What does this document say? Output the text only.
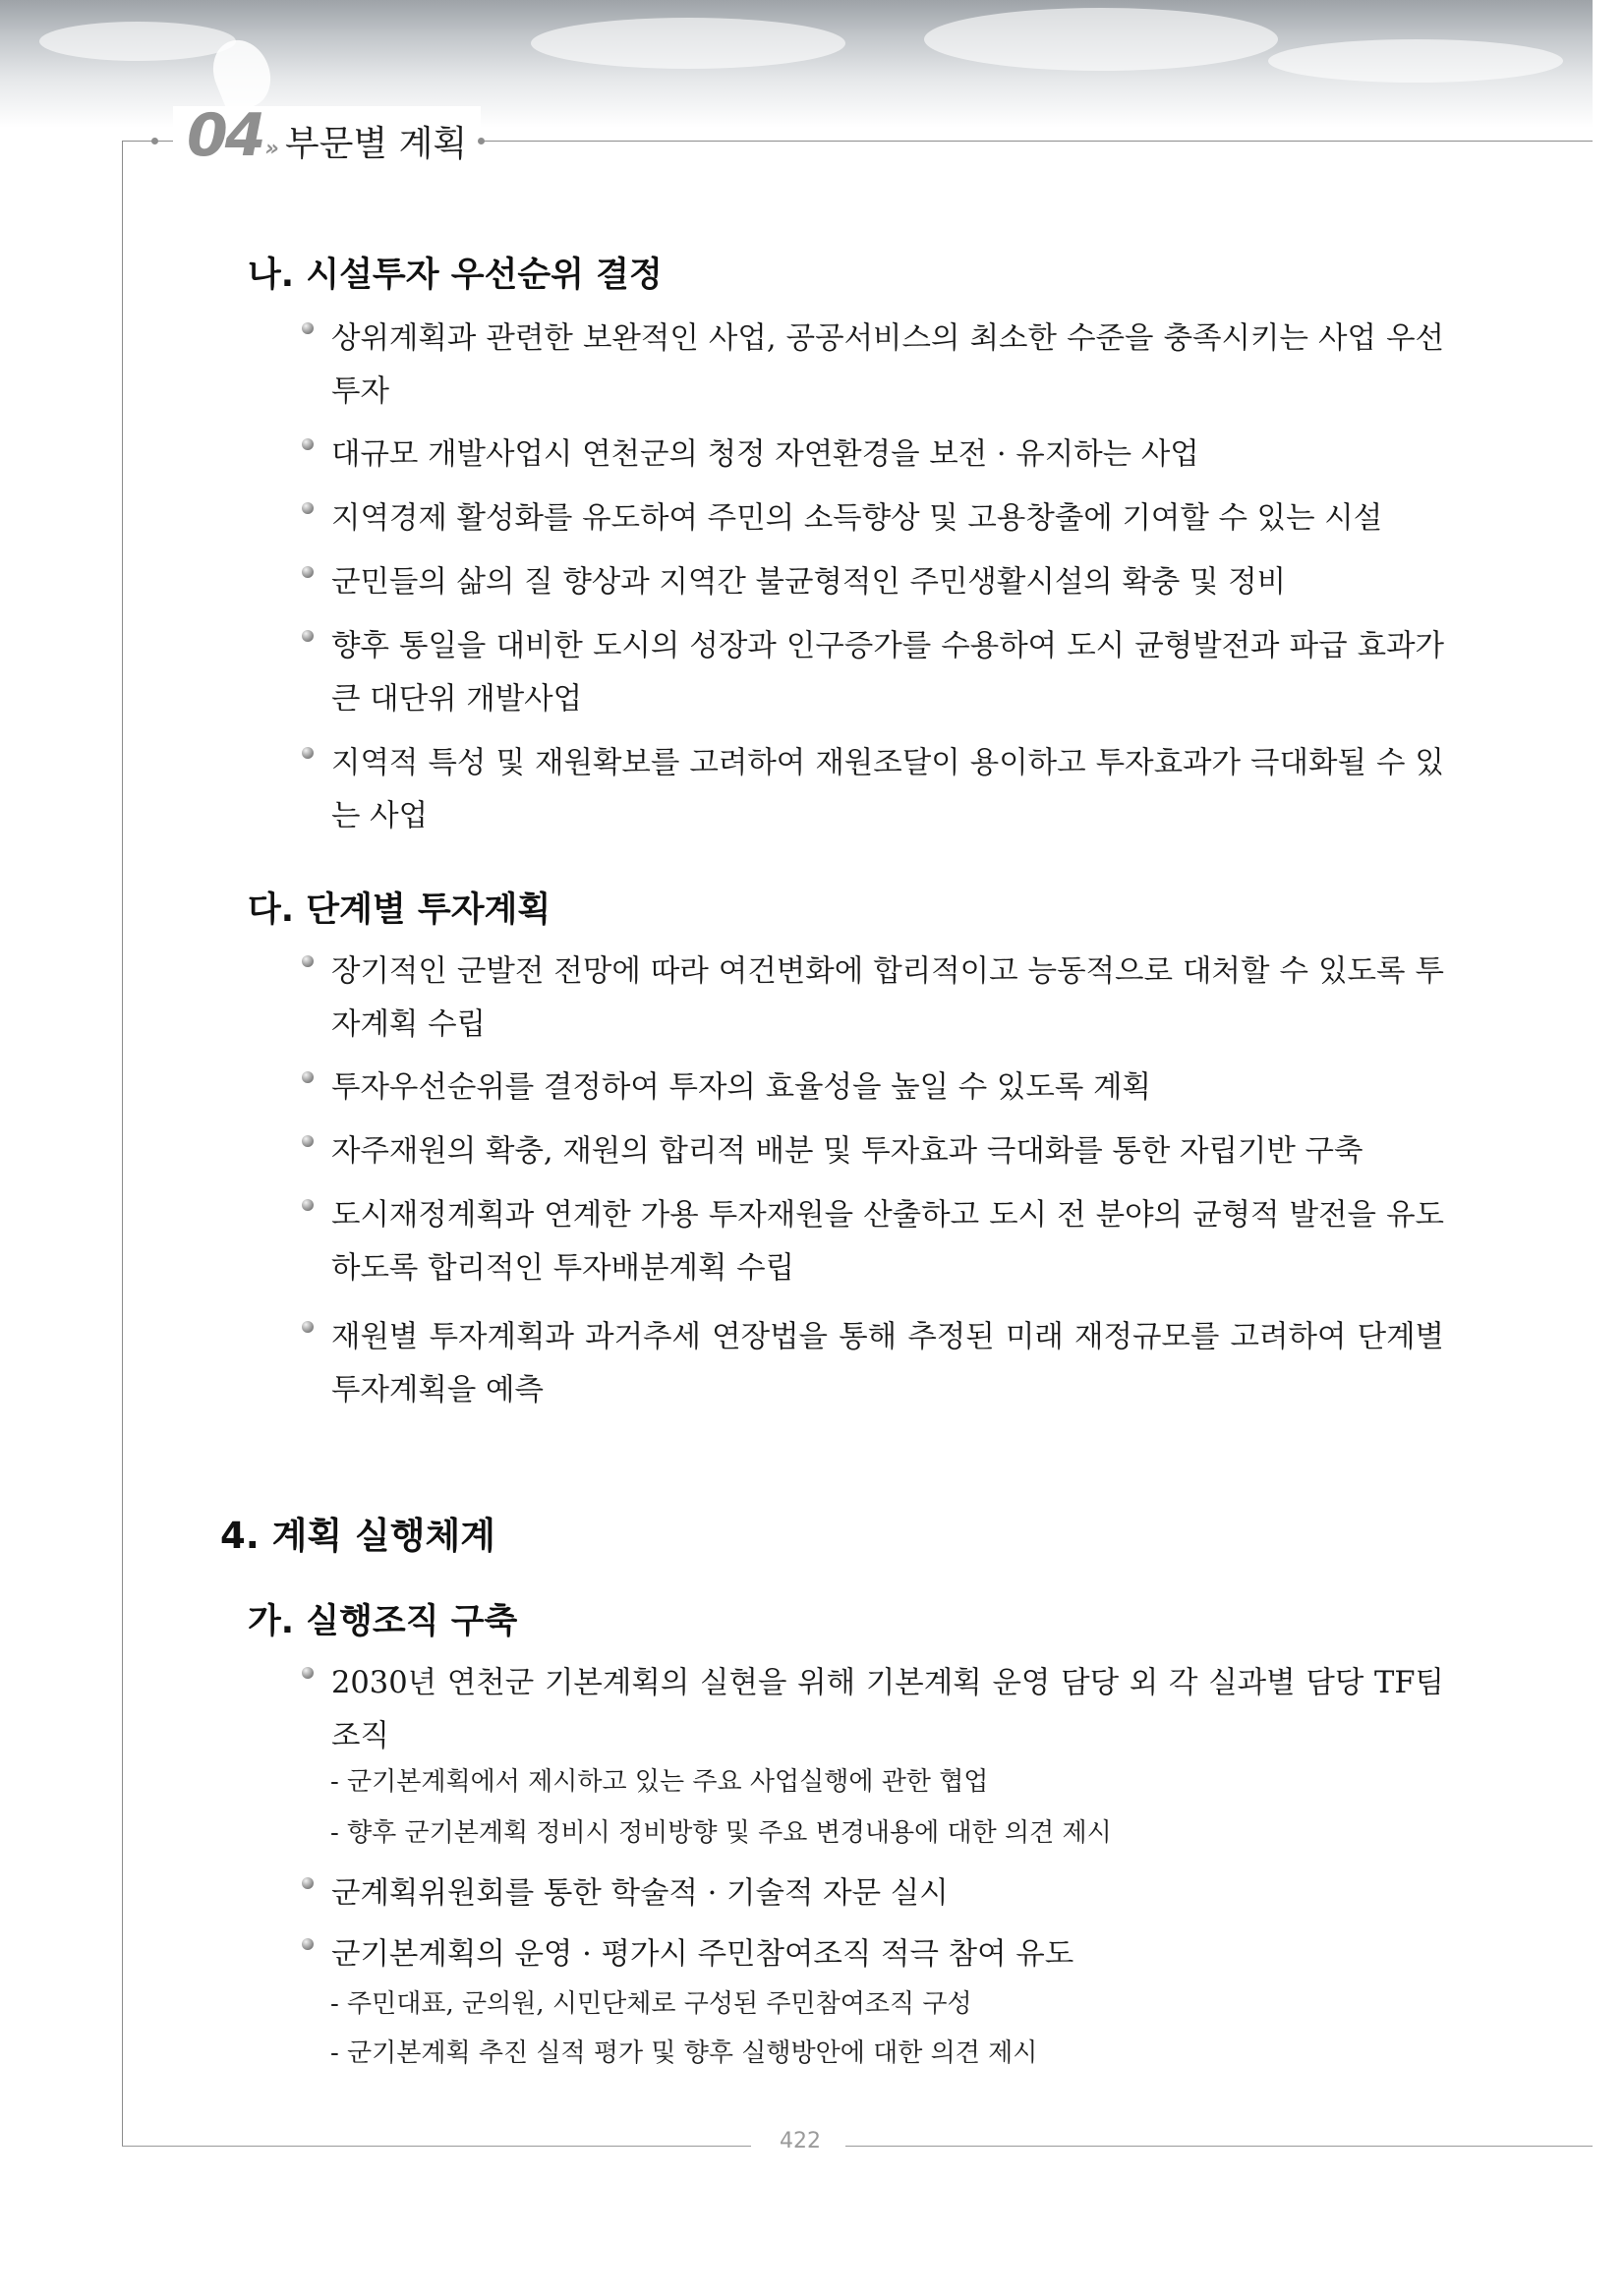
04 » 부문별 계획
나. 시설투자 우선순위 결정
상위계획과 관련한 보완적인 사업, 공공서비스의 최소한 수준을 충족시키는 사업 우선 투자
대규모 개발사업시 연천군의 청정 자연환경을 보전 · 유지하는 사업
지역경제 활성화를 유도하여 주민의 소득향상 및 고용창출에 기여할 수 있는 시설
군민들의 삶의 질 향상과 지역간 불균형적인 주민생활시설의 확충 및 정비
향후 통일을 대비한 도시의 성장과 인구증가를 수용하여 도시 균형발전과 파급 효과가 큰 대단위 개발사업
지역적 특성 및 재원확보를 고려하여 재원조달이 용이하고 투자효과가 극대화될 수 있는 사업
다. 단계별 투자계획
장기적인 군발전 전망에 따라 여건변화에 합리적이고 능동적으로 대처할 수 있도록 투자계획 수립
투자우선순위를 결정하여 투자의 효율성을 높일 수 있도록 계획
자주재원의 확충, 재원의 합리적 배분 및 투자효과 극대화를 통한 자립기반 구축
도시재정계획과 연계한 가용 투자재원을 산출하고 도시 전 분야의 균형적 발전을 유도하도록 합리적인 투자배분계획 수립
재원별 투자계획과 과거추세 연장법을 통해 추정된 미래 재정규모를 고려하여 단계별 투자계획을 예측
4. 계획 실행체계
가. 실행조직 구축
2030년 연천군 기본계획의 실현을 위해 기본계획 운영 담당 외 각 실과별 담당 TF팀 조직
- 군기본계획에서 제시하고 있는 주요 사업실행에 관한 협업
- 향후 군기본계획 정비시 정비방향 및 주요 변경내용에 대한 의견 제시
군계획위원회를 통한 학술적 · 기술적 자문 실시
군기본계획의 운영 · 평가시 주민참여조직 적극 참여 유도
- 주민대표, 군의원, 시민단체로 구성된 주민참여조직 구성
- 군기본계획 추진 실적 평가 및 향후 실행방안에 대한 의견 제시
422
